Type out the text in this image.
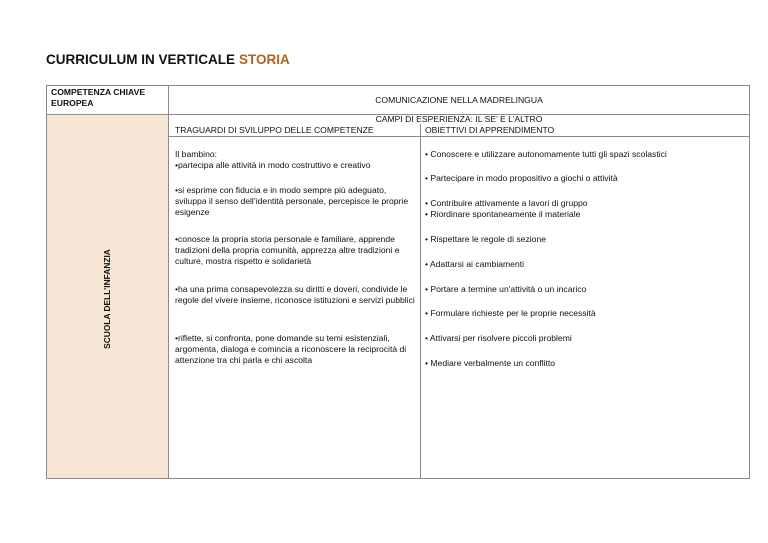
CURRICULUM IN VERTICALE STORIA
COMPETENZA CHIAVE EUROPEA
SCUOLA DELL’INFANZIA
COMUNICAZIONE NELLA MADRELINGUA
CAMPI DI ESPERIENZA: IL SE’ E L’ALTRO
TRAGUARDI DI SVILUPPO DELLE COMPETENZE	OBIETTIVI DI APPRENDIMENTO
Il bambino:
•partecipa alle attività in modo costruttivo e creativo
•si esprime con fiducia e in modo sempre più adeguato, sviluppa il senso dell’identità personale, percepisce le proprie esigenze
•conosce la propria storia personale e familiare, apprende tradizioni della propria comunità, apprezza altre tradizioni e culture, mostra rispetto e solidarietà
•ha una prima consapevolezza su diritti e doveri, condivide le regole del vivere insieme, riconosce istituzioni e servizi pubblici
•riflette, si confronta, pone domande su temi esistenziali, argomenta, dialoga e comincia a riconoscere la reciprocità di attenzione tra chi parla e chi ascolta
• Conoscere e utilizzare autonomamente tutti gli spazi scolastici
• Partecipare in modo propositivo a giochi o attività
• Contribuire attivamente a lavori di gruppo
• Riordinare spontaneamente il materiale
• Rispettare le regole di sezione
• Adattarsi ai cambiamenti
• Portare a termine un'attività o un incarico
• Formulare richieste per le proprie necessità
• Attivarsi per risolvere piccoli problemi
• Mediare verbalmente un conflitto
